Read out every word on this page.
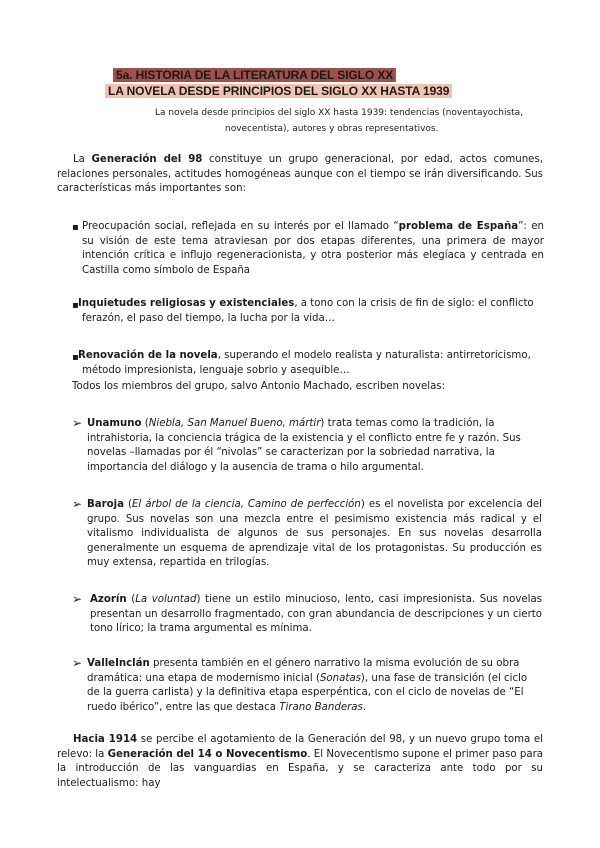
5a. HISTORIA DE LA LITERATURA DEL SIGLO XX
LA NOVELA DESDE PRINCIPIOS DEL SIGLO XX HASTA 1939
La novela desde principios del siglo XX hasta 1939: tendencias (noventayochista,
novecentista), autores y obras representativos.
La Generación del 98 constituye un grupo generacional, por edad, actos comunes, relaciones personales, actitudes homogéneas aunque con el tiempo se irán diversificando. Sus características más importantes son:
▪ Preocupación social, reflejada en su interés por el llamado “problema de España”: en su visión de este tema atraviesan por dos etapas diferentes, una primera de mayor intención crítica e influjo regeneracionista, y otra posterior más elegíaca y centrada en Castilla como símbolo de España
▪ Inquietudes religiosas y existenciales, a tono con la crisis de fin de siglo: el conflicto ferazón, el paso del tiempo, la lucha por la vida…
▪ Renovación de la novela, superando el modelo realista y naturalista: antirretoricismo, método impresionista, lenguaje sobrio y asequible…
Todos los miembros del grupo, salvo Antonio Machado, escriben novelas:
➢ Unamuno (Niebla, San Manuel Bueno, mártir) trata temas como la tradición, la intrahistoria, la conciencia trágica de la existencia y el conflicto entre fe y razón. Sus novelas –llamadas por él “nivolas” se caracterizan por la sobriedad narrativa, la importancia del diálogo y la ausencia de trama o hilo argumental.
➢ Baroja (El árbol de la ciencia, Camino de perfección) es el novelista por excelencia del grupo. Sus novelas son una mezcla entre el pesimismo existencia más radical y el vitalismo individualista de algunos de sus personajes. En sus novelas desarrolla generalmente un esquema de aprendizaje vital de los protagonistas. Su producción es muy extensa, repartida en trilogías.
➢ Azorín (La voluntad) tiene un estilo minucioso, lento, casi impresionista. Sus novelas presentan un desarrollo fragmentado, con gran abundancia de descripciones y un cierto tono lírico; la trama argumental es mínima.
➢ ValleInclán presenta también en el género narrativo la misma evolución de su obra dramática: una etapa de modernismo inicial (Sonatas), una fase de transición (el ciclo de la guerra carlista) y la definitiva etapa esperpéntica, con el ciclo de novelas de “El ruedo ibérico”, entre las que destaca Tirano Banderas.
Hacia 1914 se percibe el agotamiento de la Generación del 98, y un nuevo grupo toma el relevo: la Generación del 14 o Novecentismo. El Novecentismo supone el primer paso para la introducción de las vanguardias en España, y se caracteriza ante todo por su intelectualismo: hay
